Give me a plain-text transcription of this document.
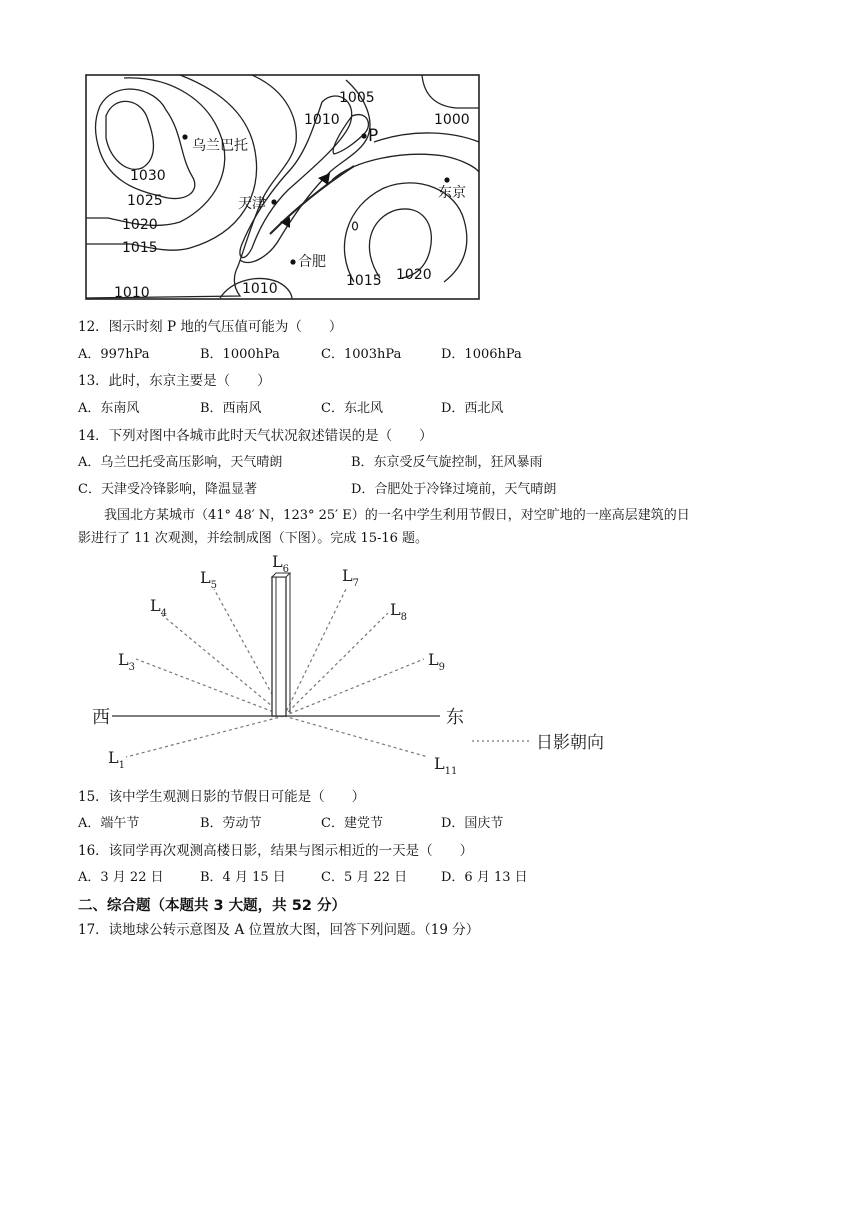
1005
1000
1010
1030
1025
1020
1015
1010	1010	1015 1020
乌兰巴托
天津
东京
合肥
P
12．图示时刻 P 地的气压值可能为（　　）
A．997hPa	B．1000hPa	C．1003hPa	D．1006hPa
13．此时，东京主要是（　　）
A．东南风	B．西南风	C．东北风	D．西北风
14．下列对图中各城市此时天气状况叙述错误的是（　　）
A．乌兰巴托受高压影响，天气晴朗	B．东京受反气旋控制，狂风暴雨
C．天津受冷锋影响，降温显著	D．合肥处于冷锋过境前，天气晴朗
我国北方某城市（41° 48′ N，123° 25′ E）的一名中学生利用节假日，对空旷地的一座高层建筑的日
影进行了 11 次观测，并绘制成图（下图）。完成 15-16 题。
$L_1$
$L_3$
$L_4$
$L_5$
$L_6$	$L_7$
$L_8$
$L_9$
$L_{11}$
西	东
日影朝向
15．该中学生观测日影的节假日可能是（　　）
A．端午节	B．劳动节	C．建党节	D．国庆节
16．该同学再次观测高楼日影，结果与图示相近的一天是（　　）
A．3 月 22 日	B．4 月 15 日	C．5 月 22 日	D．6 月 13 日
二、综合题（本题共 3 大题，共 52 分）
17．读地球公转示意图及 A 位置放大图，回答下列问题。（19 分）
